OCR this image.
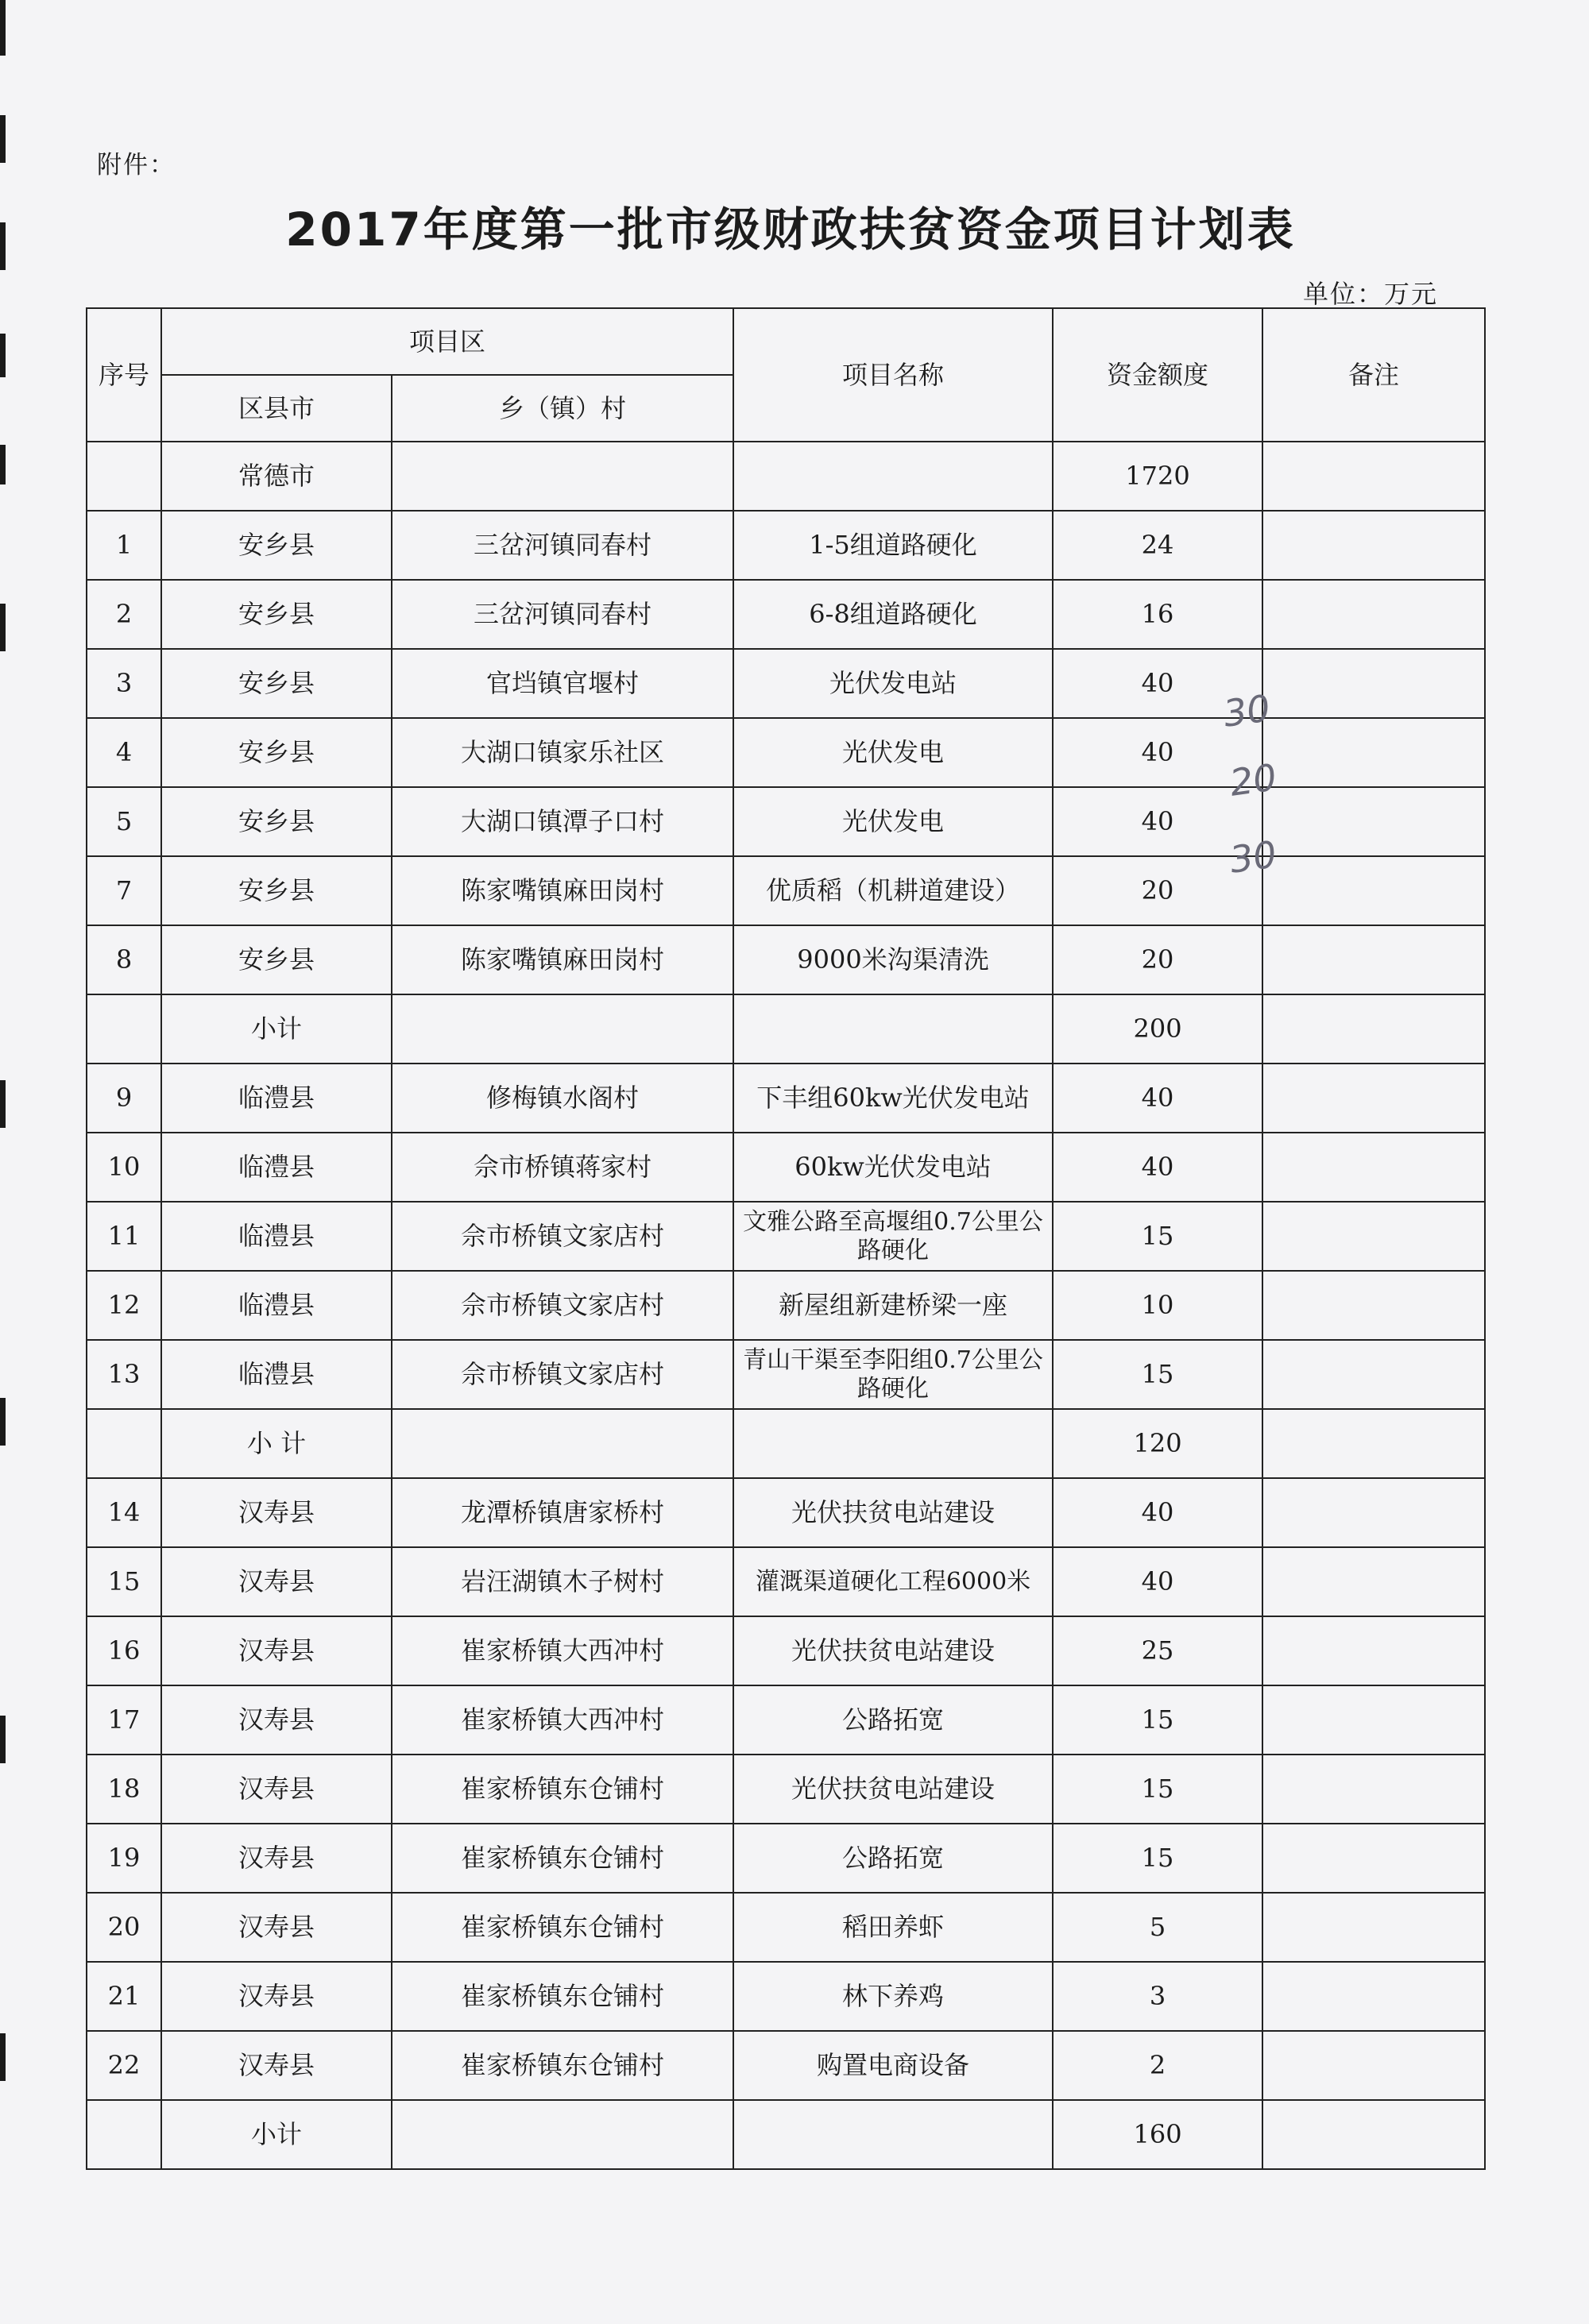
附件：
2017年度第一批市级财政扶贫资金项目计划表
单位：万元
序号	项目区		项目名称	资金额度	备注
	区县市	乡（镇）村			
	常德市			1720	
1	安乡县	三岔河镇同春村	1-5组道路硬化	24	
2	安乡县	三岔河镇同春村	6-8组道路硬化	16	
3	安乡县	官垱镇官堰村	光伏发电站	40	
4	安乡县	大湖口镇家乐社区	光伏发电	40	
5	安乡县	大湖口镇潭子口村	光伏发电	40	
7	安乡县	陈家嘴镇麻田岗村	优质稻（机耕道建设）	20	
8	安乡县	陈家嘴镇麻田岗村	9000米沟渠清洗	20	
	小计			200	
9	临澧县	修梅镇水阁村	下丰组60kw光伏发电站	40	
10	临澧县	佘市桥镇蒋家村	60kw光伏发电站	40	
11	临澧县	佘市桥镇文家店村	文雅公路至高堰组0.7公里公路硬化	15	
12	临澧县	佘市桥镇文家店村	新屋组新建桥梁一座	10	
13	临澧县	佘市桥镇文家店村	青山干渠至李阳组0.7公里公路硬化	15	
	小 计			120	
14	汉寿县	龙潭桥镇唐家桥村	光伏扶贫电站建设	40	
15	汉寿县	岩汪湖镇木子树村	灌溉渠道硬化工程6000米	40	
16	汉寿县	崔家桥镇大西冲村	光伏扶贫电站建设	25	
17	汉寿县	崔家桥镇大西冲村	公路拓宽	15	
18	汉寿县	崔家桥镇东仓铺村	光伏扶贫电站建设	15	
19	汉寿县	崔家桥镇东仓铺村	公路拓宽	15	
20	汉寿县	崔家桥镇东仓铺村	稻田养虾	5	
21	汉寿县	崔家桥镇东仓铺村	林下养鸡	3	
22	汉寿县	崔家桥镇东仓铺村	购置电商设备	2	
	小计			160	
30
20
30
